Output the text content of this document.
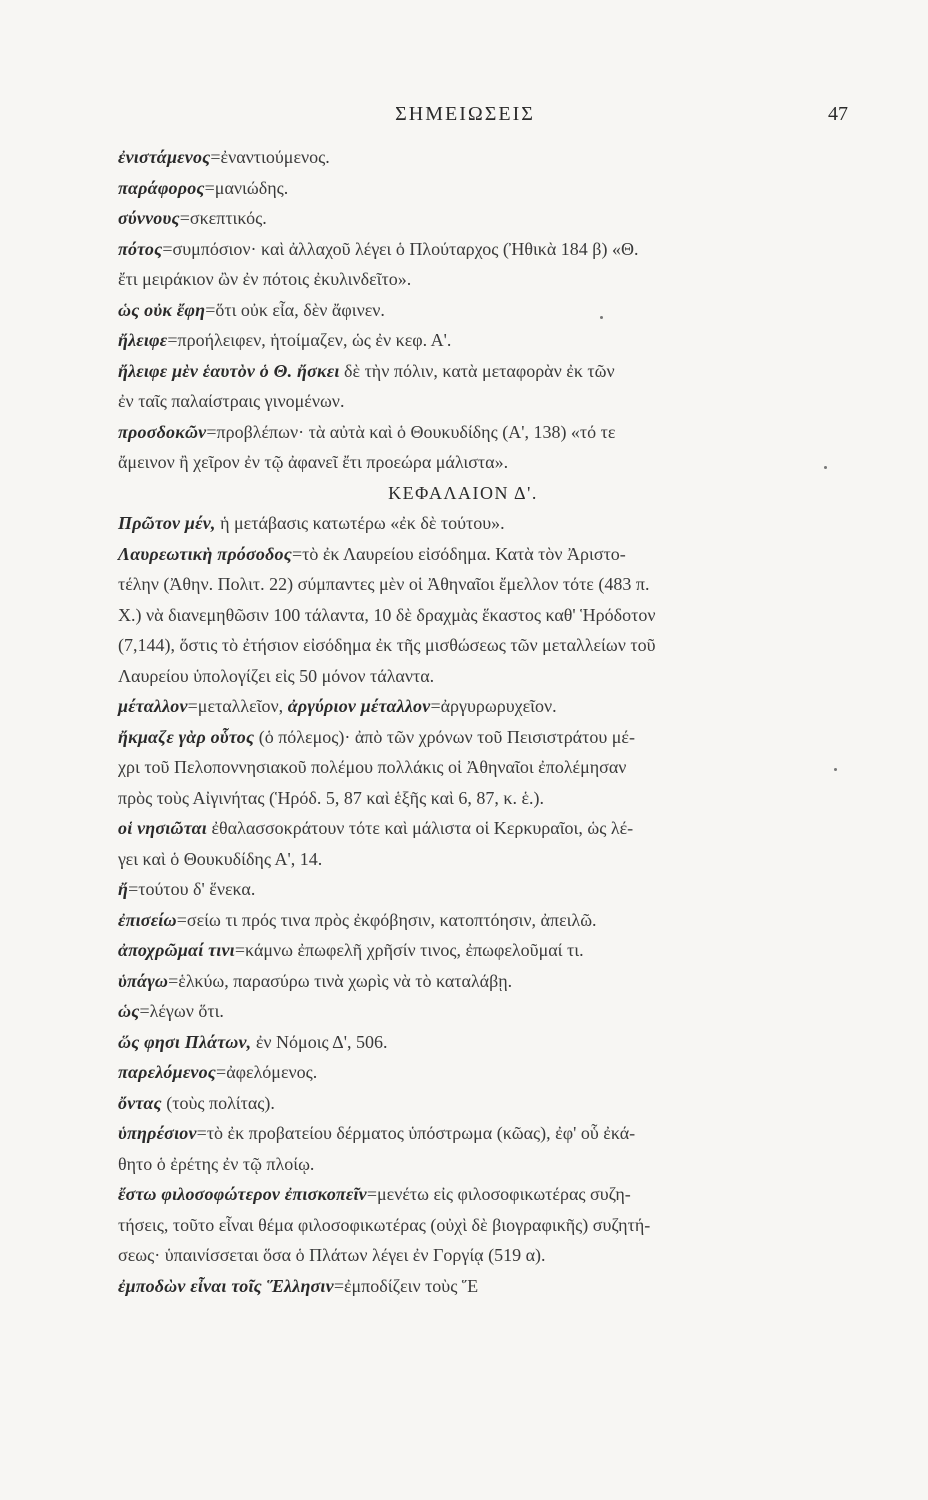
ΣΗΜΕΙΩΣΕΙΣ	47
ἐνιστάμενος=ἐναντιούμενος.
παράφορος=μανιώδης.
σύννους=σκεπτικός.
πότος=συμπόσιον· καὶ ἀλλαχοῦ λέγει ὁ Πλούταρχος (Ἠθικὰ 184 β) «Θ.
ἔτι μειράκιον ὢν ἐν πότοις ἐκυλινδεῖτο».
ὡς οὐκ ἔφη=ὅτι οὐκ εἶα, δὲν ἄφινεν.
ἤλειφε=προήλειφεν, ἡτοίμαζεν, ὡς ἐν κεφ. Α'.
ἤλειφε μὲν ἑαυτὸν ὁ Θ. ἤσκει δὲ τὴν πόλιν, κατὰ μεταφορὰν ἐκ τῶν
ἐν ταῖς παλαίστραις γινομένων.
προσδοκῶν=προβλέπων· τὰ αὐτὰ καὶ ὁ Θουκυδίδης (Α', 138) «τό τε
ἄμεινον ἢ χεῖρον ἐν τῷ ἀφανεῖ ἔτι προεώρα μάλιστα».
ΚΕΦΑΛΑΙΟΝ Δ'.
Πρῶτον μέν, ἡ μετάβασις κατωτέρω «ἐκ δὲ τούτου».
Λαυρεωτικὴ πρόσοδος=τὸ ἐκ Λαυρείου εἰσόδημα. Κατὰ τὸν Ἀριστο-
τέλην (Ἀθην. Πολιτ. 22) σύμπαντες μὲν οἱ Ἀθηναῖοι ἔμελλον τότε (483 π.
Χ.) νὰ διανεμηθῶσιν 100 τάλαντα, 10 δὲ δραχμὰς ἕκαστος καθ' Ἡρόδοτον
(7,144), ὅστις τὸ ἐτήσιον εἰσόδημα ἐκ τῆς μισθώσεως τῶν μεταλλείων τοῦ
Λαυρείου ὑπολογίζει εἰς 50 μόνον τάλαντα.
μέταλλον=μεταλλεῖον, ἀργύριον μέταλλον=ἀργυρωρυχεῖον.
ἤκμαζε γὰρ οὗτος (ὁ πόλεμος)· ἀπὸ τῶν χρόνων τοῦ Πεισιστράτου μέ-
χρι τοῦ Πελοποννησιακοῦ πολέμου πολλάκις οἱ Ἀθηναῖοι ἐπολέμησαν
πρὸς τοὺς Αἰγινήτας (Ἡρόδ. 5, 87 καὶ ἑξῆς καὶ 6, 87, κ. ἑ.).
οἱ νησιῶται ἐθαλασσοκράτουν τότε καὶ μάλιστα οἱ Κερκυραῖοι, ὡς λέ-
γει καὶ ὁ Θουκυδίδης Α', 14.
ἤ=τούτου δ' ἕνεκα.
ἐπισείω=σείω τι πρός τινα πρὸς ἐκφόβησιν, κατοπτόησιν, ἀπειλῶ.
ἀποχρῶμαί τινι=κάμνω ἐπωφελῆ χρῆσίν τινος, ἐπωφελοῦμαί τι.
ὑπάγω=ἑλκύω, παρασύρω τινὰ χωρὶς νὰ τὸ καταλάβῃ.
ὡς=λέγων ὅτι.
ὥς φησι Πλάτων, ἐν Νόμοις Δ', 506.
παρελόμενος=ἀφελόμενος.
ὄντας (τοὺς πολίτας).
ὑπηρέσιον=τὸ ἐκ προβατείου δέρματος ὑπόστρωμα (κῶας), ἐφ' οὗ ἐκά-
θητο ὁ ἐρέτης ἐν τῷ πλοίῳ.
ἔστω φιλοσοφώτερον ἐπισκοπεῖν=μενέτω εἰς φιλοσοφικωτέρας συζη-
τήσεις, τοῦτο εἶναι θέμα φιλοσοφικωτέρας (οὐχὶ δὲ βιογραφικῆς) συζητή-
σεως· ὑπαινίσσεται ὅσα ὁ Πλάτων λέγει ἐν Γοργίᾳ (519 α).
ἐμποδὼν εἶναι τοῖς Ἕλλησιν=ἐμποδίζειν τοὺς Ἕ
